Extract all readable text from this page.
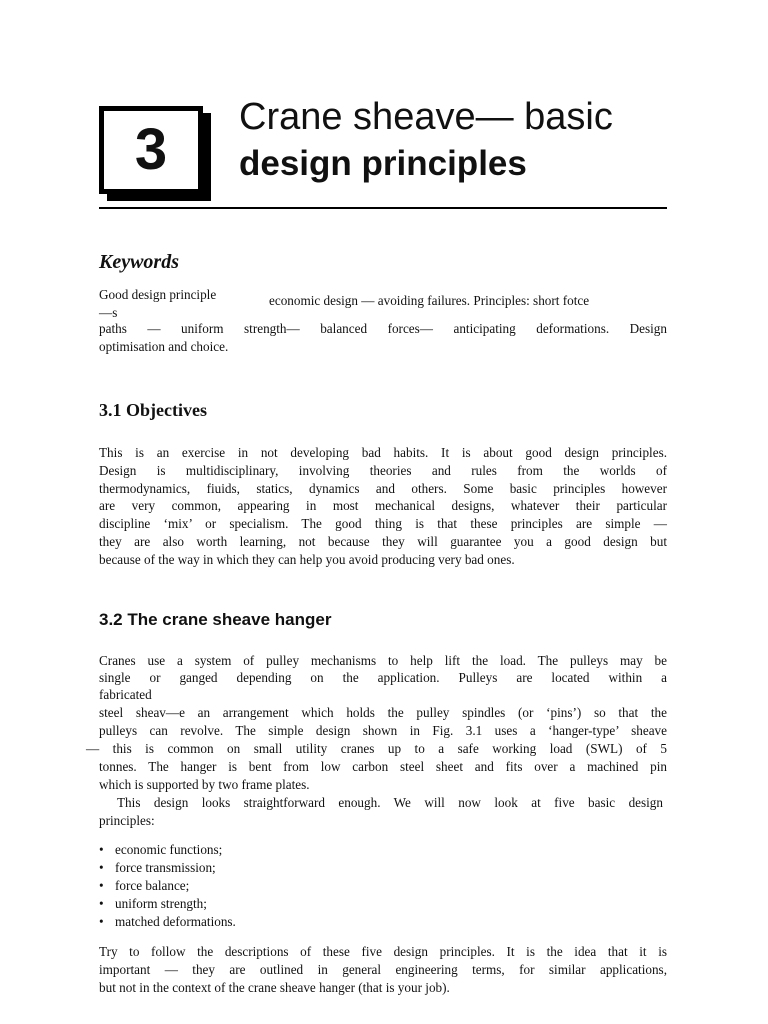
3 Crane sheave— basic
design principles
Keywords
Good design principle	economic design — avoiding failures. Principles: short fotce
—s
paths — uniform strength— balanced forces— anticipating deformations. Design
optimisation and choice.
3.1 Objectives
This is an exercise in not developing bad habits. It is about good design principles.
Design is multidisciplinary, involving theories and rules from the worlds of
thermodynamics, fiuids, statics, dynamics and others. Some basic principles however
are very common, appearing in most mechanical designs, whatever their particular
discipline ‘mix’ or specialism. The good thing is that these principles are simple —
they are also worth learning, not because they will guarantee you a good design but
because of the way in which they can help you avoid producing very bad ones.
3.2 The crane sheave hanger
Cranes use a system of pulley mechanisms to help lift the load. The pulleys may be
single or ganged depending on the application. Pulleys are located within a
fabricated
steel sheav—e an arrangement which holds the pulley spindles (or ‘pins’) so that the
pulleys can revolve. The simple design shown in Fig. 3.1 uses a ‘hanger-type’ sheave
— this is common on small utility cranes up to a safe working load (SWL) of 5
tonnes. The hanger is bent from low carbon steel sheet and fits over a machined pin
which is supported by two frame plates.
This design looks straightforward enough. We will now look at five basic design
principles:
• economic functions;
• force transmission;
• force balance;
• uniform strength;
• matched deformations.
Try to follow the descriptions of these five design principles. It is the idea that it is
important — they are outlined in general engineering terms, for similar applications,
but not in the context of the crane sheave hanger (that is your job).
